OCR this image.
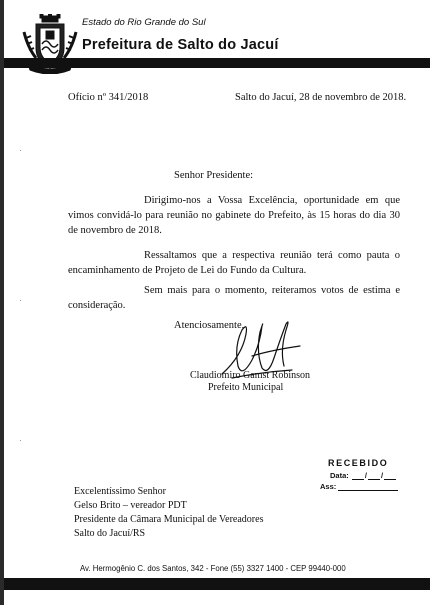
Estado do Rio Grande do Sul
Prefeitura de Salto do Jacuí
Ofício nº 341/2018	Salto do Jacuí, 28 de novembro de 2018.
Senhor Presidente:

Dirigimo-nos a Vossa Excelência, oportunidade em que vimos convidá-lo para reunião no gabinete do Prefeito, às 15 horas do dia 30 de novembro de 2018.

Ressaltamos que a respectiva reunião terá como pauta o encaminhamento de Projeto de Lei do Fundo da Cultura.

Sem mais para o momento, reiteramos votos de estima e consideração.

Atenciosamente,
Claudiomiro Gamst Robinson
Prefeito Municipal
RECEBIDO
Data: / /
Ass:
Excelentíssimo Senhor
Gelso Brito – vereador PDT
Presidente da Câmara Municipal de Vereadores
Salto do Jacuí/RS
Av. Hermogênio C. dos Santos, 342 - Fone (55) 3327 1400 - CEP 99440-000
